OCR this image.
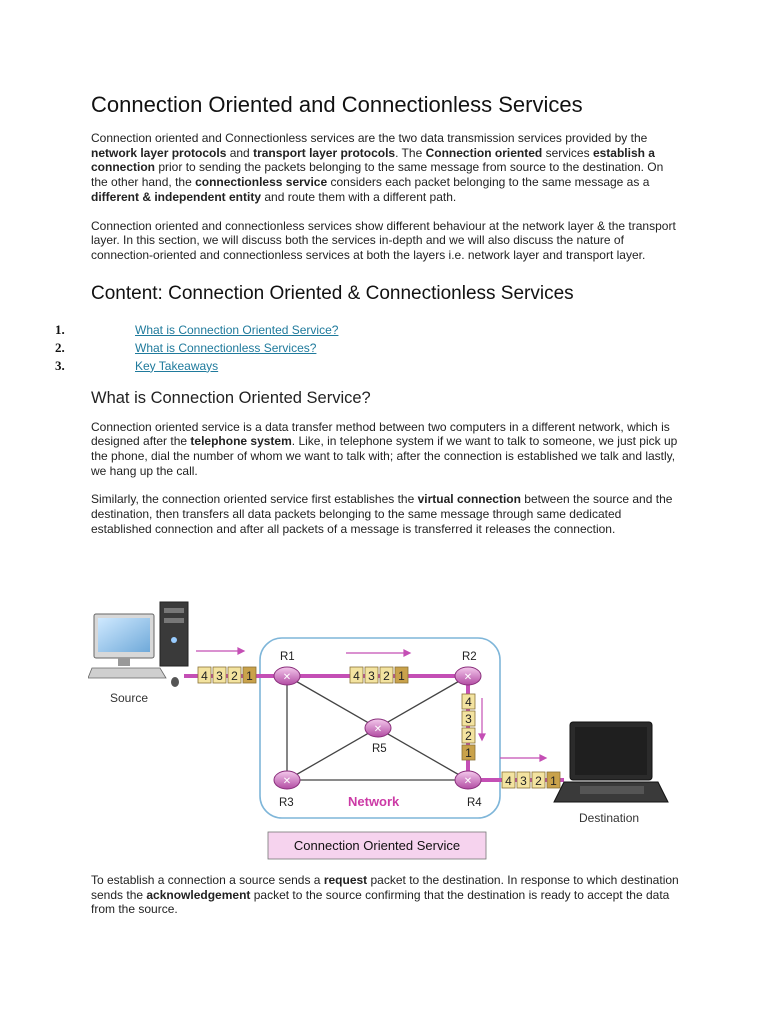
Connection Oriented and Connectionless Services

Connection oriented and Connectionless services are the two data transmission services provided by the network layer protocols and transport layer protocols. The Connection oriented services establish a connection prior to sending the packets belonging to the same message from source to the destination. On the other hand, the connectionless service considers each packet belonging to the same message as a different & independent entity and route them with a different path.

Connection oriented and connectionless services show different behaviour at the network layer & the transport layer. In this section, we will discuss both the services in-depth and we will also discuss the nature of connection-oriented and connectionless services at both the layers i.e. network layer and transport layer.

Content: Connection Oriented & Connectionless Services
1.	What is Connection Oriented Service?
2.	What is Connectionless Services?
3.	Key Takeaways
What is Connection Oriented Service?

Connection oriented service is a data transfer method between two computers in a different network, which is designed after the telephone system. Like, in telephone system if we want to talk to someone, we just pick up the phone, dial the number of whom we want to talk with; after the connection is established we talk and lastly, we hang up the call.

Similarly, the connection oriented service first establishes the virtual connection between the source and the destination, then transfers all data packets belonging to the same message through same dedicated established connection and after all packets of a message is transferred it releases the connection.

4 3 2 1	4 3 2 1
4
3
2
1
4 3 2 1
✕	✕
✕	✕
✕
R1	R2
R3	R4
R5
Network
Source
Destination
Connection Oriented Service

To establish a connection a source sends a request packet to the destination. In response to which destination sends the acknowledgement packet to the source confirming that the destination is ready to accept the data from the source.
